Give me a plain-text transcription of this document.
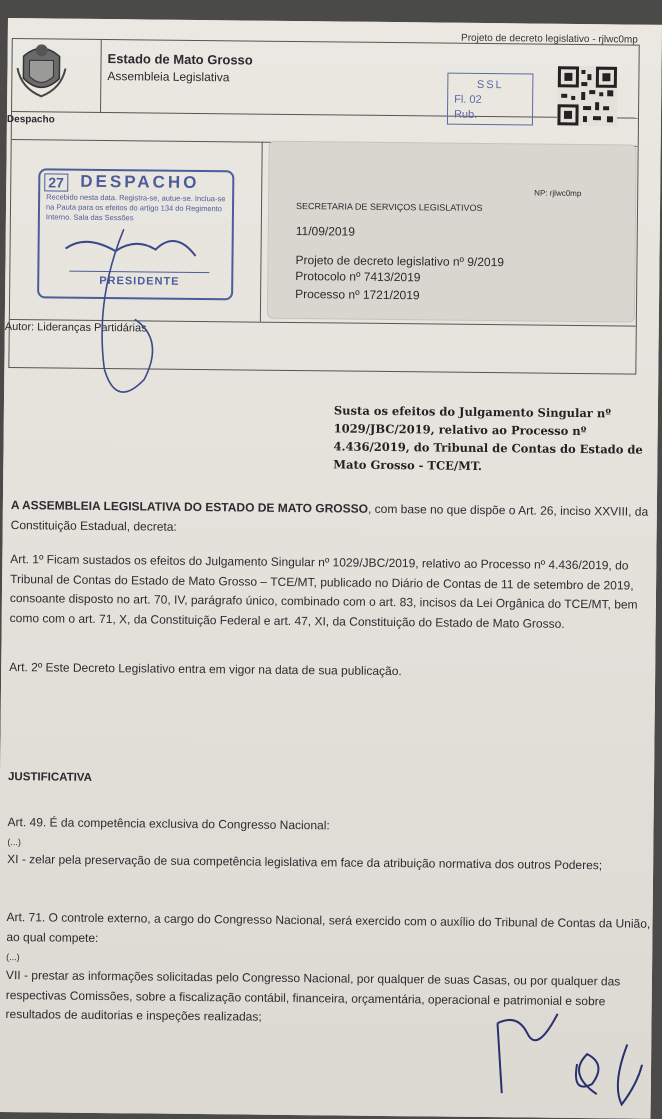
Projeto de decreto legislativo - rjlwc0mp
Estado de Mato Grosso
Assembleia Legislativa
SSL
Fl. 02
Rub.
Despacho
27 DESPACHO
Recebido nesta data. Registra-se, autue-se. Inclua-se na Pauta para os efeitos do artigo 134 do Regimento Interno. Sala das Sessões
PRESIDENTE
NP: rjlwc0mp
SECRETARIA DE SERVIÇOS LEGISLATIVOS
11/09/2019
Projeto de decreto legislativo nº 9/2019
Protocolo nº 7413/2019
Processo nº 1721/2019
Autor: Lideranças Partidárias
Susta os efeitos do Julgamento Singular nº 1029/JBC/2019, relativo ao Processo nº 4.436/2019, do Tribunal de Contas do Estado de Mato Grosso - TCE/MT.
A ASSEMBLEIA LEGISLATIVA DO ESTADO DE MATO GROSSO, com base no que dispõe o Art. 26, inciso XXVIII, da Constituição Estadual, decreta:
Art. 1º Ficam sustados os efeitos do Julgamento Singular nº 1029/JBC/2019, relativo ao Processo nº 4.436/2019, do Tribunal de Contas do Estado de Mato Grosso – TCE/MT, publicado no Diário de Contas de 11 de setembro de 2019, consoante disposto no art. 70, IV, parágrafo único, combinado com o art. 83, incisos da Lei Orgânica do TCE/MT, bem como com o art. 71, X, da Constituição Federal e art. 47, XI, da Constituição do Estado de Mato Grosso.
Art. 2º Este Decreto Legislativo entra em vigor na data de sua publicação.
JUSTIFICATIVA
Art. 49. É da competência exclusiva do Congresso Nacional:
(...)
XI - zelar pela preservação de sua competência legislativa em face da atribuição normativa dos outros Poderes;
Art. 71. O controle externo, a cargo do Congresso Nacional, será exercido com o auxílio do Tribunal de Contas da União, ao qual compete:
(...)
VII - prestar as informações solicitadas pelo Congresso Nacional, por qualquer de suas Casas, ou por qualquer das respectivas Comissões, sobre a fiscalização contábil, financeira, orçamentária, operacional e patrimonial e sobre resultados de auditorias e inspeções realizadas;
